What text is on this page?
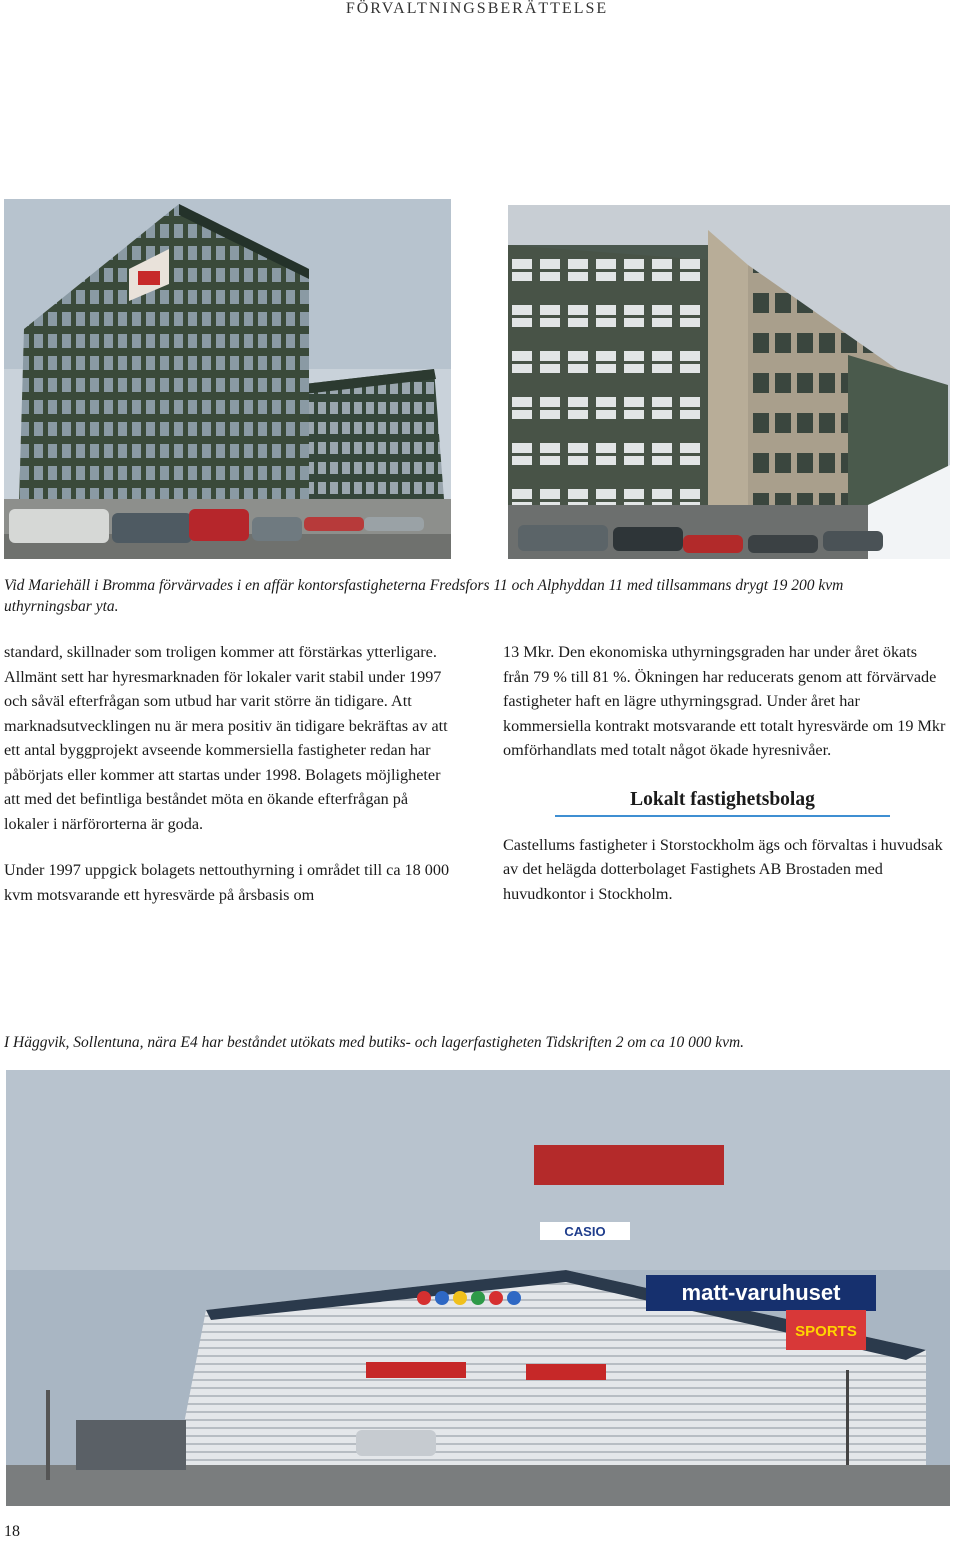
FÖRVALTNINGSBERÄTTELSE
Vid Mariehäll i Bromma förvärvades i en affär kontorsfastigheterna Fredsfors 11 och Alphyddan 11 med tillsammans drygt 19 200 kvm uthyrningsbar yta.

standard, skillnader som troligen kommer att förstärkas ytterligare. Allmänt sett har hyresmarknaden för lokaler varit stabil under 1997 och såväl efterfrågan som utbud har varit större än tidigare. Att marknadsutvecklingen nu är mera positiv än tidigare bekräftas av att ett antal byggprojekt avseende kommersiella fastigheter redan har påbörjats eller kommer att startas under 1998. Bolagets möjligheter att med det befintliga beståndet möta en ökande efterfrågan på lokaler i närförorterna är goda.

Under 1997 uppgick bolagets nettouthyrning i området till ca 18 000 kvm motsvarande ett hyresvärde på årsbasis om

13 Mkr. Den ekonomiska uthyrningsgraden har under året ökats från 79 % till 81 %. Ökningen har reducerats genom att förvärvade fastigheter haft en lägre uthyrningsgrad. Under året har kommersiella kontrakt motsvarande ett totalt hyresvärde om 19 Mkr omförhandlats med totalt något ökade hyresnivåer.

Lokalt fastighetsbolag

Castellums fastigheter i Storstockholm ägs och förvaltas i huvudsak av det helägda dotterbolaget Fastighets AB Brostaden med huvudkontor i Stockholm.

I Häggvik, Sollentuna, nära E4 har beståndet utökats med butiks- och lagerfastigheten Tidskriften 2 om ca 10 000 kvm.
CASIO
matt-varuhuset
SPORTS
18
